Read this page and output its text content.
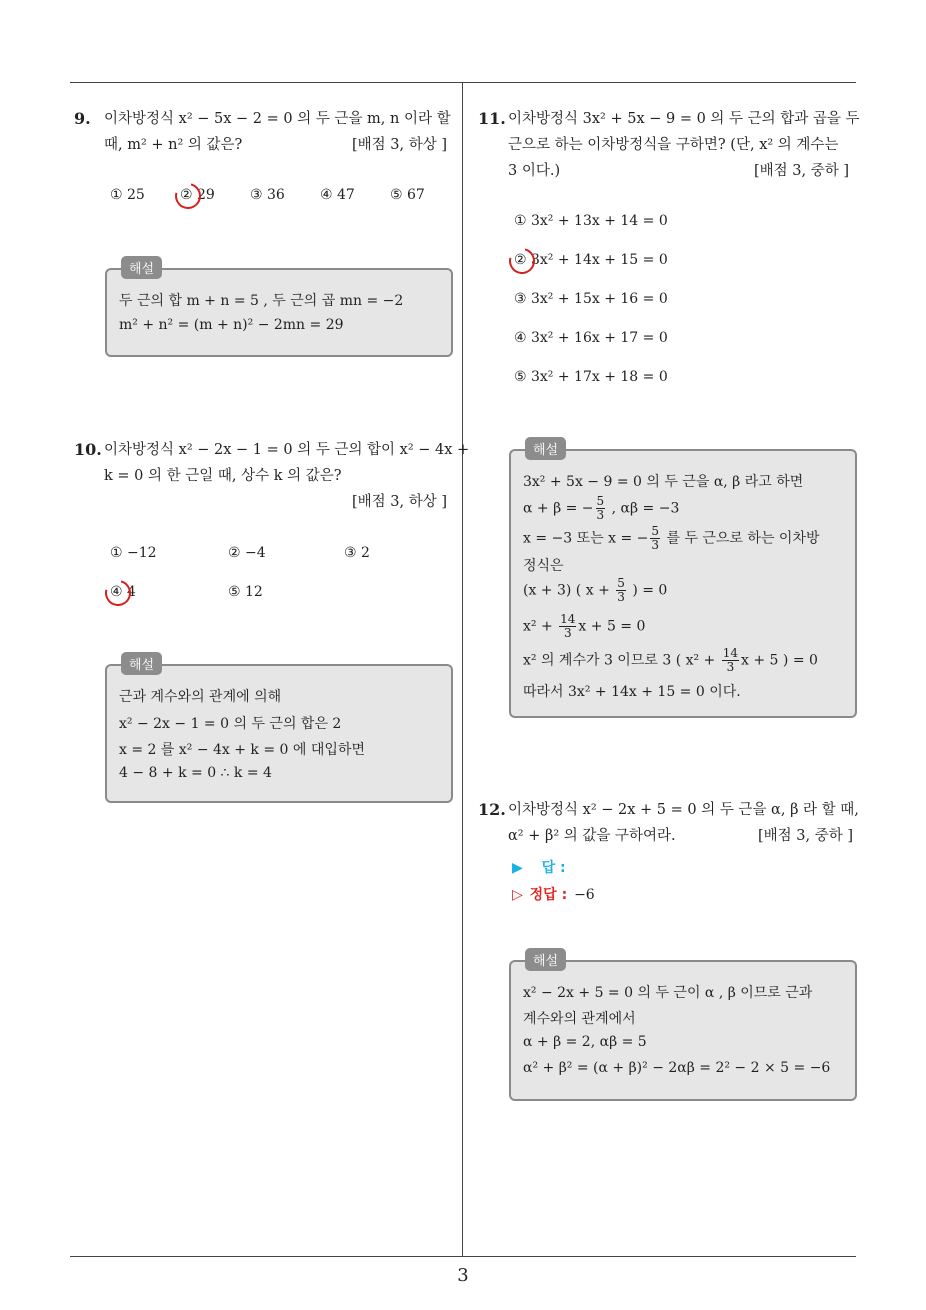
9. 이차방정식 x² − 5x − 2 = 0 의 두 근을 m, n 이라 할
때, m² + n² 의 값은?	[배점 3, 하상 ]
① 25	② 29	③ 36	④ 47	⑤ 67
해설
두 근의 합 m + n = 5 , 두 근의 곱 mn = −2
m² + n² = (m + n)² − 2mn = 29
10. 이차방정식 x² − 2x − 1 = 0 의 두 근의 합이 x² − 4x +
k = 0 의 한 근일 때, 상수 k 의 값은?
[배점 3, 하상 ]
① −12	② −4	③ 2
④ 4	⑤ 12
해설
근과 계수와의 관계에 의해
x² − 2x − 1 = 0 의 두 근의 합은 2
x = 2 를 x² − 4x + k = 0 에 대입하면
4 − 8 + k = 0 ∴ k = 4
11. 이차방정식 3x² + 5x − 9 = 0 의 두 근의 합과 곱을 두
근으로 하는 이차방정식을 구하면? (단, x² 의 계수는
3 이다.)	[배점 3, 중하 ]
① 3x² + 13x + 14 = 0
② 3x² + 14x + 15 = 0
③ 3x² + 15x + 16 = 0
④ 3x² + 16x + 17 = 0
⑤ 3x² + 17x + 18 = 0
해설
3x² + 5x − 9 = 0 의 두 근을 α, β 라고 하면
α + β = − $\frac{5}{3}$ , αβ = −3
x = −3 또는 x = − $\frac{5}{3}$ 를 두 근으로 하는 이차방
정식은
(x + 3) ( $x + \frac{5}{3}$ ) = 0
$x^2 + \frac{14}{3}$ x + 5 = 0
x² 의 계수가 3 이므로 3 ( $x^2 + \frac{14}{3}$ x + 5 ) = 0
따라서 3x² + 14x + 15 = 0 이다.
12. 이차방정식 x² − 2x + 5 = 0 의 두 근을 α, β 라 할 때,
α² + β² 의 값을 구하여라.	[배점 3, 중하 ]
▶ 답 :
▷ 정답 : −6
해설
x² − 2x + 5 = 0 의 두 근이 α , β 이므로 근과
계수와의 관계에서
α + β = 2, αβ = 5
α² + β² = (α + β)² − 2αβ = 2² − 2 × 5 = −6
3
